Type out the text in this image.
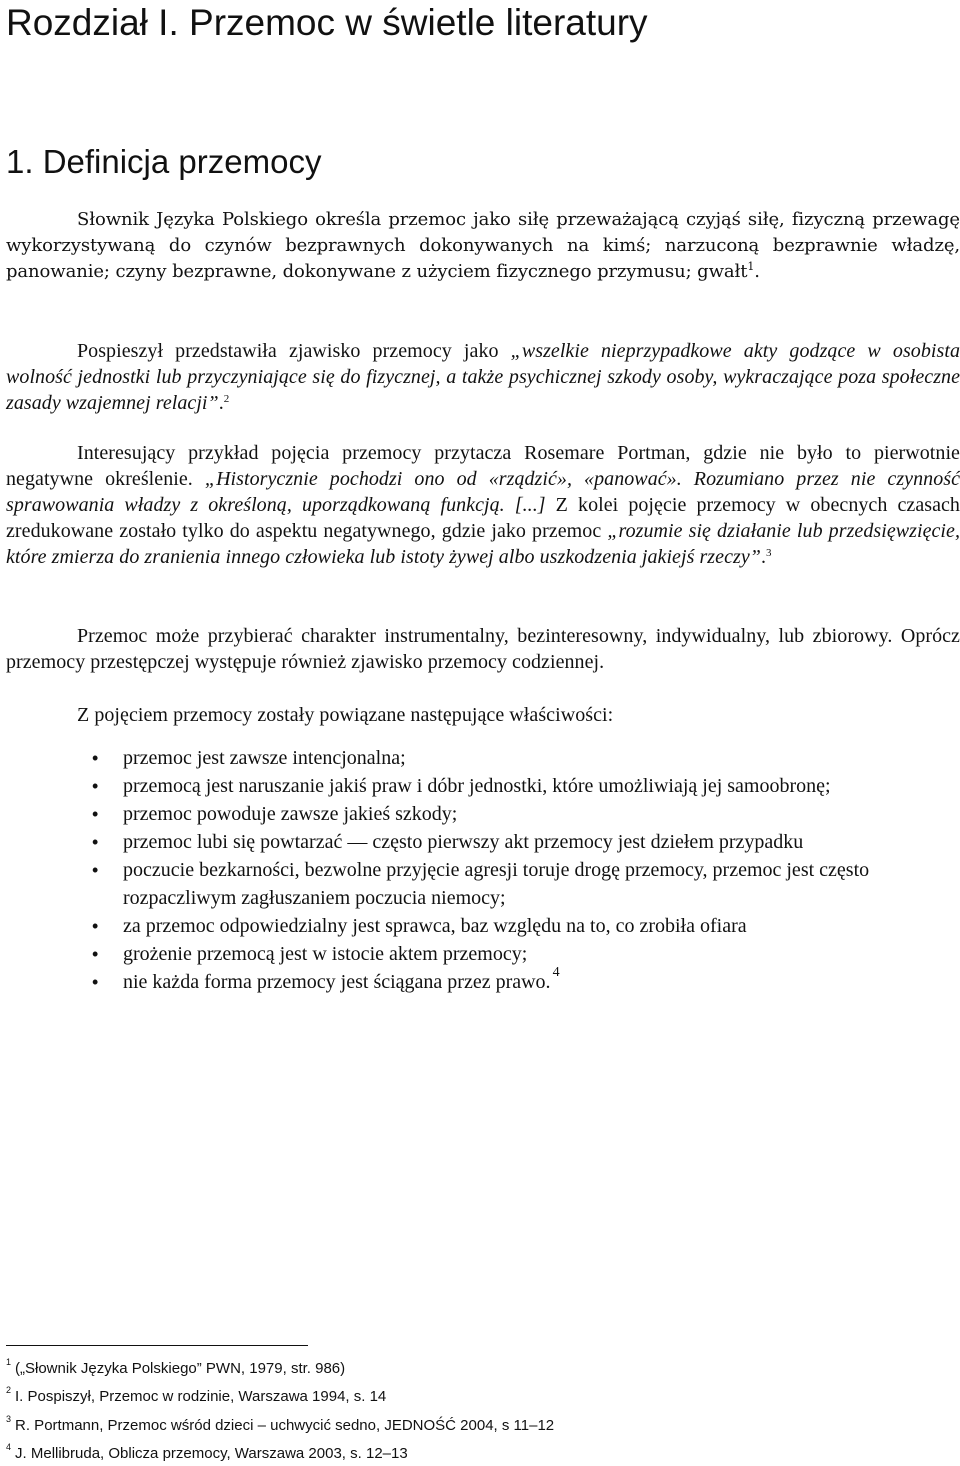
Rozdział I. Przemoc w świetle literatury
1. Definicja przemocy

Słownik Języka Polskiego określa przemoc jako siłę przeważającą czyjąś siłę, fizyczną przewagę wykorzystywaną do czynów bezprawnych dokonywanych na kimś; narzuconą bezprawnie władzę, panowanie; czyny bezprawne, dokonywane z użyciem fizycznego przymusu; gwałt$^1$.

Pospieszył przedstawiła zjawisko przemocy jako „wszelkie nieprzypadkowe akty godzące w osobista wolność jednostki lub przyczyniające się do fizycznej, a także psychicznej szkody osoby, wykraczające poza społeczne zasady wzajemnej relacji”.$^2$

Interesujący przykład pojęcia przemocy przytacza Rosemare Portman, gdzie nie było to pierwotnie negatywne określenie. „Historycznie pochodzi ono od «rządzić», «panować». Rozumiano przez nie czynność sprawowania władzy z określoną, uporządkowaną funkcją. [...] Z kolei pojęcie przemocy w obecnych czasach zredukowane zostało tylko do aspektu negatywnego, gdzie jako przemoc „rozumie się działanie lub przedsięwzięcie, które zmierza do zranienia innego człowieka lub istoty żywej albo uszkodzenia jakiejś rzeczy”.$^3$

Przemoc może przybierać charakter instrumentalny, bezinteresowny, indywidualny, lub zbiorowy. Oprócz przemocy przestępczej występuje również zjawisko przemocy codziennej.

Z pojęciem przemocy zostały powiązane następujące właściwości:

• przemoc jest zawsze intencjonalna;
• przemocą jest naruszanie jakiś praw i dóbr jednostki, które umożliwiają jej samoobronę;
• przemoc powoduje zawsze jakieś szkody;
• przemoc lubi się powtarzać — często pierwszy akt przemocy jest dziełem przypadku
• poczucie bezkarności, bezwolne przyjęcie agresji toruje drogę przemocy, przemoc jest często rozpaczliwym zagłuszaniem poczucia niemocy;
• za przemoc odpowiedzialny jest sprawca, baz względu na to, co zrobiła ofiara
• grożenie przemocą jest w istocie aktem przemocy;
• nie każda forma przemocy jest ściągana przez prawo. $^4$
$^1$ („Słownik Języka Polskiego” PWN, 1979, str. 986)
$^2$ I. Pospiszył, Przemoc w rodzinie, Warszawa 1994, s. 14
$^3$ R. Portmann, Przemoc wśród dzieci – uchwycić sedno, JEDNOŚĆ 2004, s 11–12
$^4$ J. Mellibruda, Oblicza przemocy, Warszawa 2003, s. 12–13
